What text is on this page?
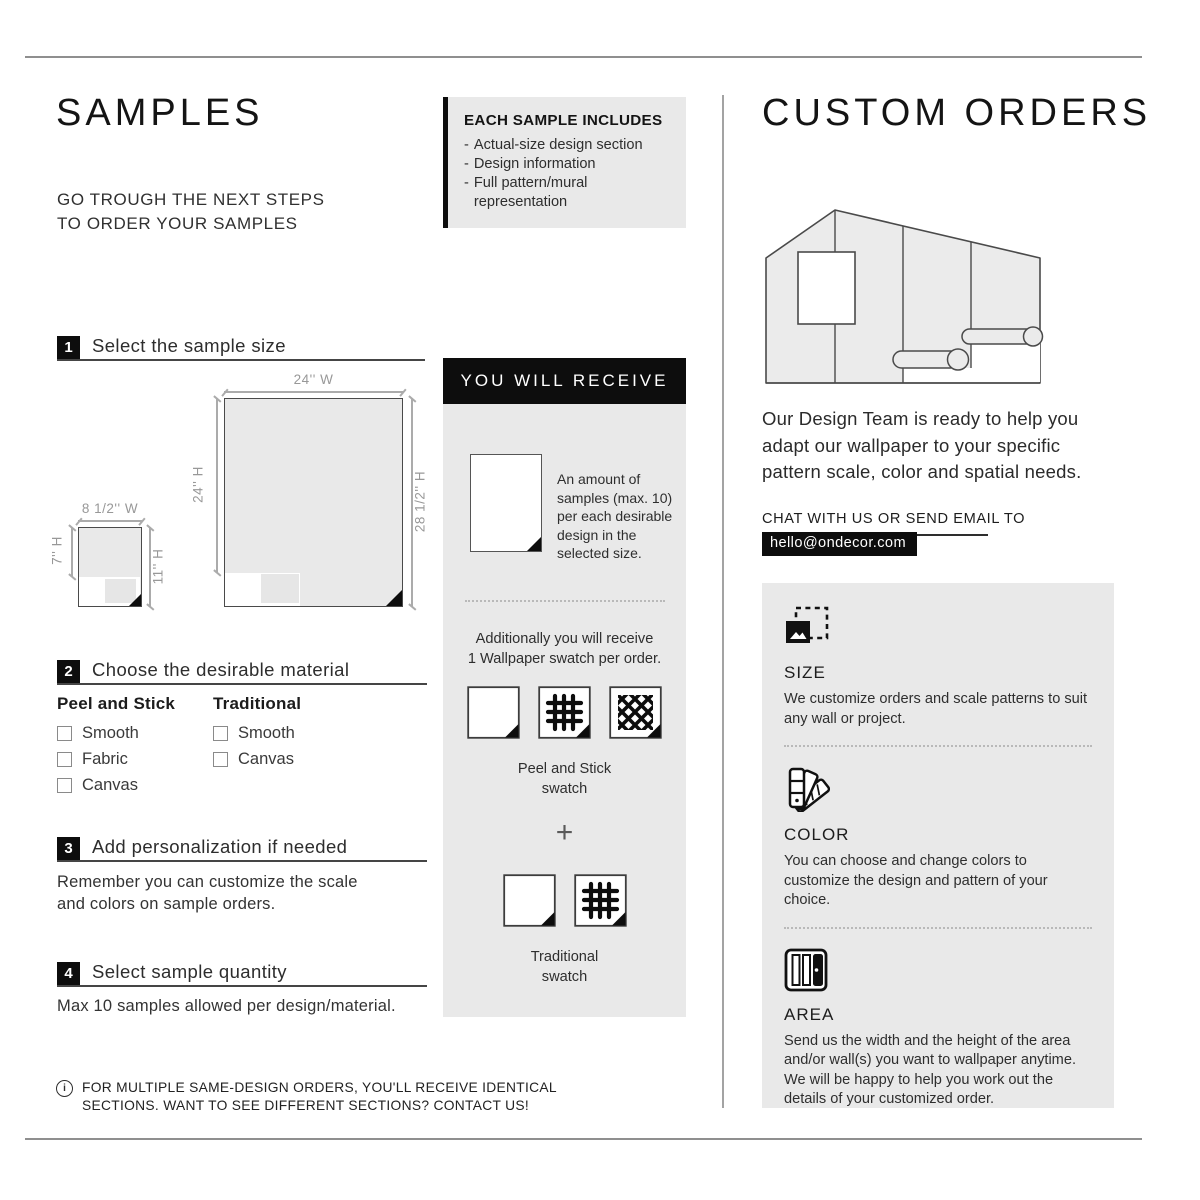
SAMPLES
GO TROUGH THE NEXT STEPS
TO ORDER YOUR SAMPLES
1	Select the sample size
24'' W
24'' H	28 1/2'' H
8 1/2'' W
7'' H	11'' H
2	Choose the desirable material
Peel and Stick
Smooth
Fabric
Canvas
Traditional
Smooth
Canvas
3	Add personalization if needed
Remember you can customize the scale
and colors on sample orders.
4	Select sample quantity
Max 10 samples allowed per design/material.
i
FOR MULTIPLE SAME-DESIGN ORDERS, YOU'LL RECEIVE IDENTICAL
SECTIONS. WANT TO SEE DIFFERENT SECTIONS? CONTACT US!
EACH SAMPLE INCLUDES
- Actual-size design section
- Design information
- Full pattern/mural representation
YOU WILL RECEIVE
An amount of samples (max. 10) per each desirable design in the selected size.
Additionally you will receive
1 Wallpaper swatch per order.
Peel and Stick
swatch
+
Traditional
swatch
CUSTOM ORDERS
Our Design Team is ready to help you adapt our wallpaper to your specific pattern scale, color and spatial needs.
CHAT WITH US OR SEND EMAIL TO
hello@ondecor.com
SIZE
We customize orders and scale patterns to suit any wall or project.
COLOR
You can choose and change colors to customize the design and pattern of your choice.
AREA
Send us the width and the height of the area and/or wall(s) you want to wallpaper anytime. We will be happy to help you work out the details of your customized order.
